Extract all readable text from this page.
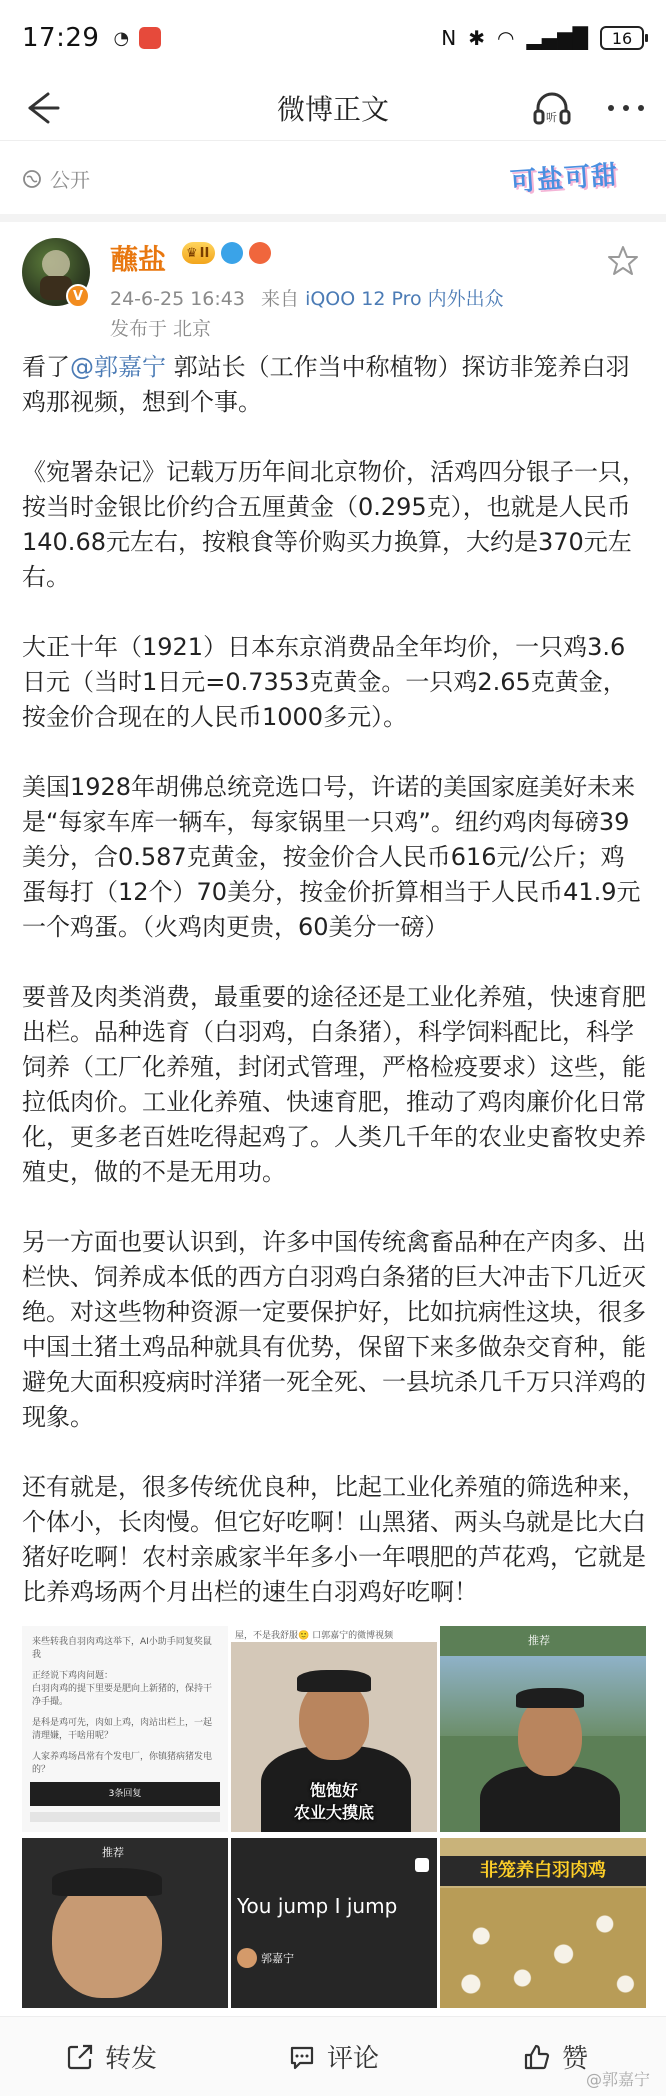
17:29 ◔	N ✱ ◠ ▂▄▆█	16
微博正文	听
公开	可盐可甜
V
蘸盐 ♛ II
24-6-25 16:43 来自 iQOO 12 Pro 内外出众
发布于 北京

看了@郭嘉宁 郭站长（工作当中称植物）探访非笼养白羽鸡那视频，想到个事。

《宛署杂记》记载万历年间北京物价，活鸡四分银子一只，按当时金银比价约合五厘黄金（0.295克），也就是人民币140.68元左右，按粮食等价购买力换算，大约是370元左右。

大正十年（1921）日本东京消费品全年均价，一只鸡3.6日元（当时1日元=0.7353克黄金。一只鸡2.65克黄金，按金价合现在的人民币1000多元）。

美国1928年胡佛总统竞选口号，许诺的美国家庭美好未来是“每家车库一辆车，每家锅里一只鸡”。纽约鸡肉每磅39美分，合0.587克黄金，按金价合人民币616元/公斤；鸡蛋每打（12个）70美分，按金价折算相当于人民币41.9元一个鸡蛋。（火鸡肉更贵，60美分一磅）

要普及肉类消费，最重要的途径还是工业化养殖，快速育肥出栏。品种选育（白羽鸡，白条猪），科学饲料配比，科学饲养（工厂化养殖，封闭式管理，严格检疫要求）这些，能拉低肉价。工业化养殖、快速育肥，推动了鸡肉廉价化日常化，更多老百姓吃得起鸡了。人类几千年的农业史畜牧史养殖史，做的不是无用功。

另一方面也要认识到，许多中国传统禽畜品种在产肉多、出栏快、饲养成本低的西方白羽鸡白条猪的巨大冲击下几近灭绝。对这些物种资源一定要保护好，比如抗病性这块，很多中国土猪土鸡品种就具有优势，保留下来多做杂交育种，能避免大面积疫病时洋猪一死全死、一县坑杀几千万只洋鸡的现象。

还有就是，很多传统优良种，比起工业化养殖的筛选种来，个体小，长肉慢。但它好吃啊！山黑猪、两头乌就是比大白猪好吃啊！农村亲戚家半年多小一年喂肥的芦花鸡，它就是比养鸡场两个月出栏的速生白羽鸡好吃啊！

来些转我自羽肉鸡这举下，AI小助手同复奖鼠我
正经说下鸡肉问题：
白羽肉鸡的提下里要是肥向上新猪的，保持干净手撮。
是科是鸡可先，肉如上鸡，肉站出栏上，一起清理嫌，干啥用呢？
人家养鸡场昌常有个发电厂，你镇猪病猪发电的？
3条回复
屋，不是我舒服🙂 口郭嘉宁的微博视频
饱饱好
农业大摸底
推荐
推荐
You jump I jump
郭嘉宁
非笼养白羽肉鸡
转发	评论	赞
@郭嘉宁
